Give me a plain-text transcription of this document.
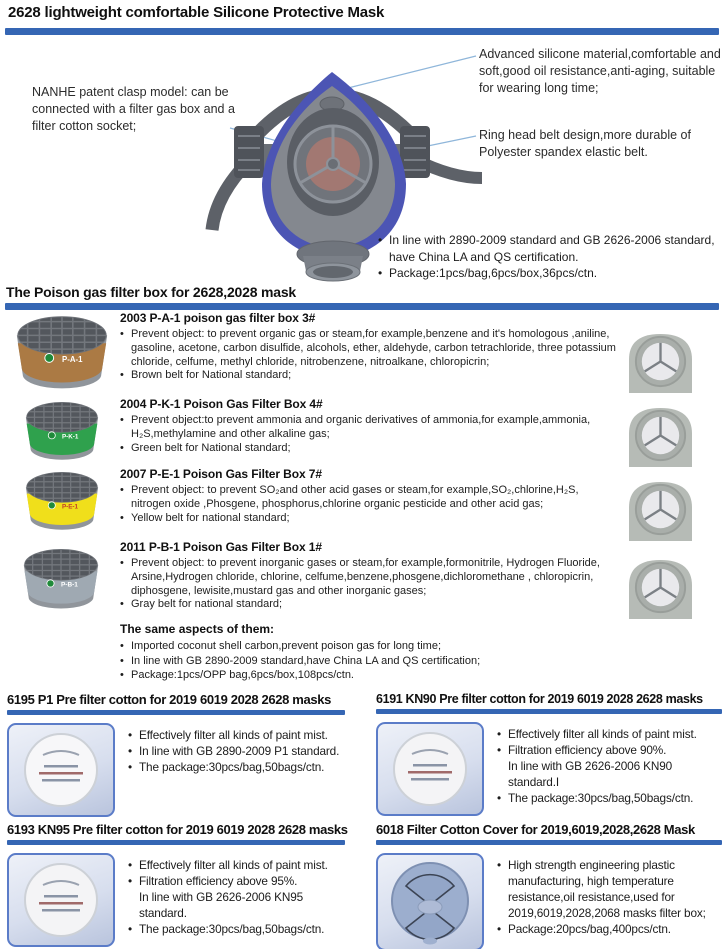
2628 lightweight comfortable Silicone Protective Mask
NANHE patent clasp model: can be connected with a filter gas box and a filter cotton socket;
Advanced silicone material,comfortable and soft,good oil resistance,anti-aging, suitable for wearing long time;
Ring head belt design,more durable of Polyester spandex elastic belt.
• In line with 2890-2009 standard and GB 2626-2006 standard, have China LA and QS certification.
• Package:1pcs/bag,6pcs/box,36pcs/ctn.
The Poison gas filter box for 2628,2028 mask
P-A-1
2003 P-A-1 poison gas filter box 3#
• Prevent object: to prevent organic gas or steam,for example,benzene and it's homologous ,aniline, gasoline, acetone, carbon disulfide, alcohols, ether, aldehyde, carbon tetrachloride, three potassium chloride, celfume, methyl chloride, nitrobenzene, nitroalkane, chloropicrin;
• Brown belt for National standard;
P-K-1
2004 P-K-1 Poison Gas Filter Box 4#
• Prevent object:to prevent ammonia and organic derivatives of ammonia,for example,ammonia, H₂S,methylamine and other alkaline gas;
• Green belt for National standard;
P-E-1
2007 P-E-1 Poison Gas Filter Box 7#
• Prevent object: to prevent SO₂and other acid gases or steam,for example,SO₂,chlorine,H₂S, nitrogen oxide ,Phosgene, phosphorus,chlorine organic pesticide and other acid gas;
• Yellow belt for national standard;
P-B-1
2011 P-B-1 Poison Gas Filter Box 1#
• Prevent object: to prevent inorganic gases or steam,for example,formonitrile, Hydrogen Fluoride, Arsine,Hydrogen chloride, chlorine, celfume,benzene,phosgene,dichloromethane , chloropicrin, diphosgene, lewisite,mustard gas and other inorganic gases;
• Gray belt for national standard;
The same aspects of them:
• Imported coconut shell carbon,prevent poison gas for long time;
• In line with GB 2890-2009 standard,have China LA and QS certification;
• Package:1pcs/OPP bag,6pcs/box,108pcs/ctn.
6195 P1 Pre filter cotton for 2019 6019 2028 2628 masks
• Effectively filter all kinds of paint mist.
• In line with GB 2890-2009 P1 standard.
• The package:30pcs/bag,50bags/ctn.
6191 KN90 Pre filter cotton for 2019 6019 2028 2628 masks
• Effectively filter all kinds of paint mist.
• Filtration efficiency above 90%.
In line with GB 2626-2006 KN90 standard.I
• The package:30pcs/bag,50bags/ctn.
6193 KN95 Pre filter cotton for 2019 6019 2028 2628 masks
• Effectively filter all kinds of paint mist.
• Filtration efficiency above 95%.
In line with GB 2626-2006 KN95 standard.
• The package:30pcs/bag,50bags/ctn.
6018 Filter Cotton Cover for 2019,6019,2028,2628 Mask
• High strength engineering plastic manufacturing, high temperature resistance,oil resistance,used for 2019,6019,2028,2068 masks filter box;
• Package:20pcs/bag,400pcs/ctn.
